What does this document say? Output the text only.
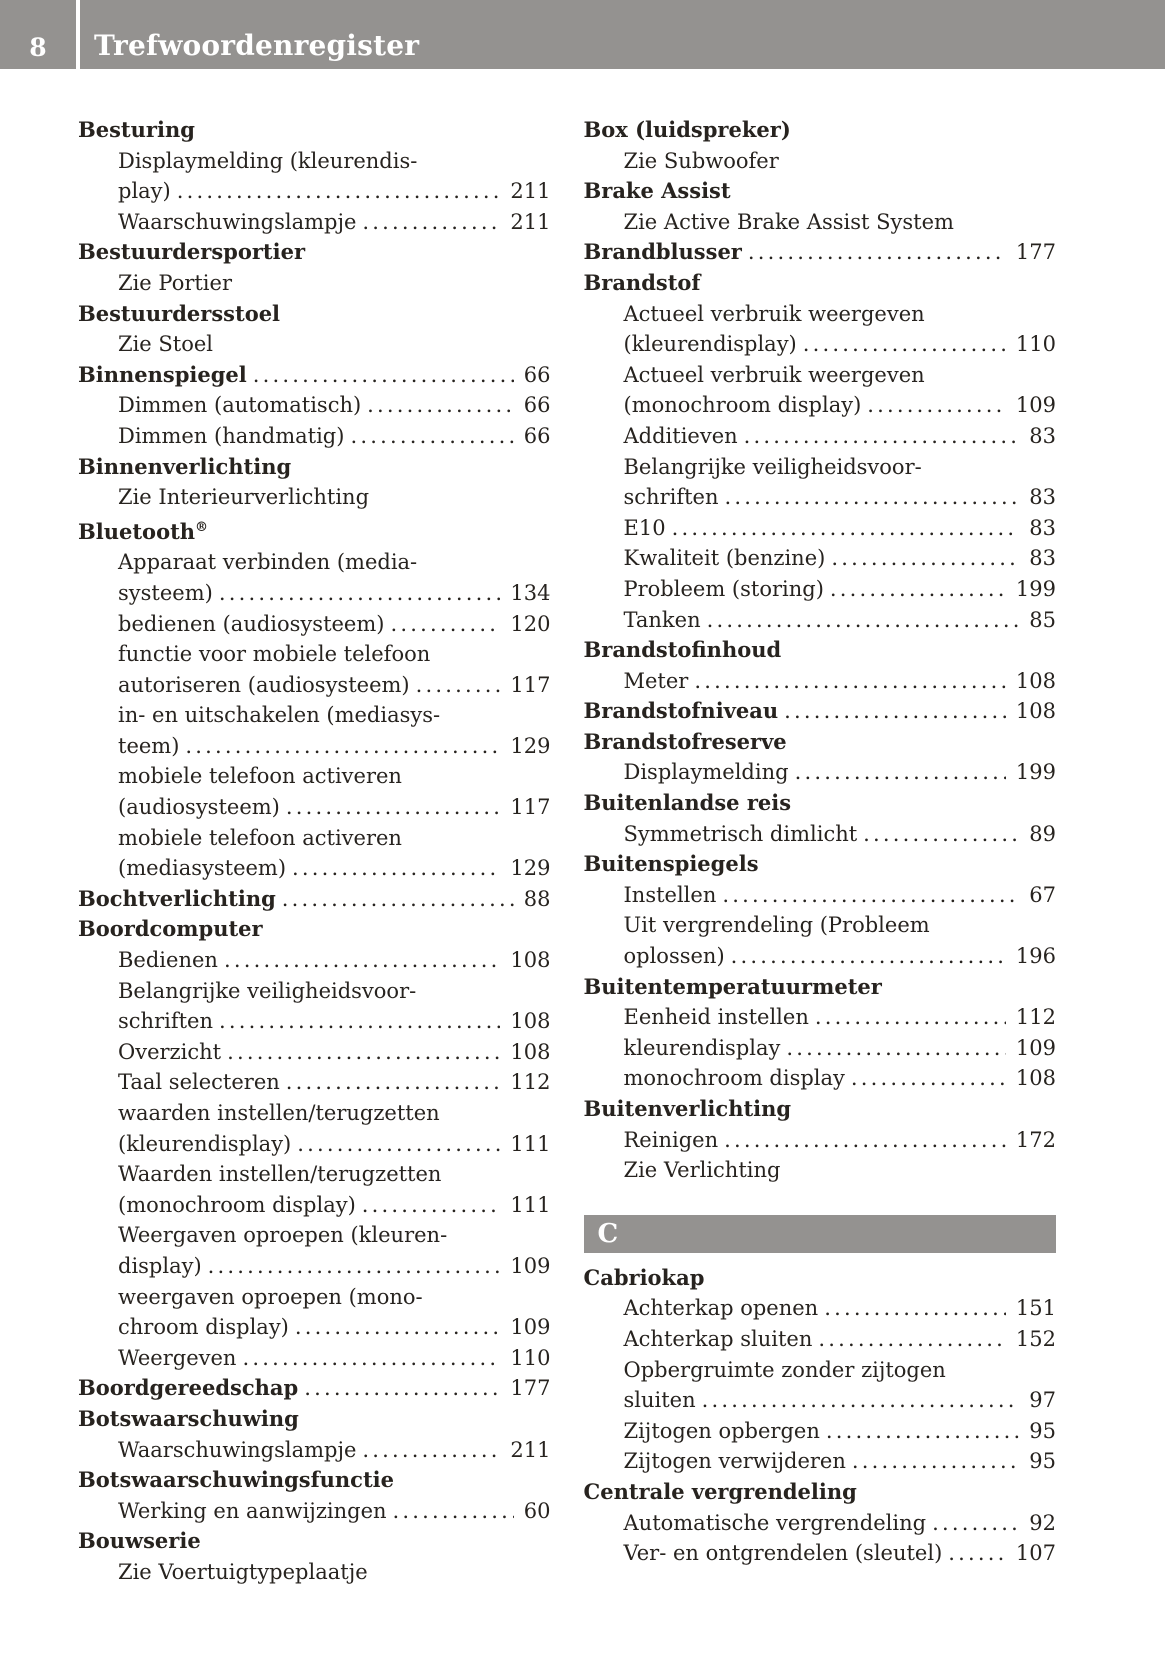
8	Trefwoordenregister
Besturing
Displaymelding (kleurendis-
play) .....	211
Waarschuwingslampje .....	211
Bestuurdersportier
Zie Portier
Bestuurdersstoel
Zie Stoel
Binnenspiegel .....	66
Dimmen (automatisch) .....	66
Dimmen (handmatig) .....	66
Binnenverlichting
Zie Interieurverlichting
Bluetooth®
Apparaat verbinden (media-
systeem) .....	134
bedienen (audiosysteem) .....	120
functie voor mobiele telefoon
autoriseren (audiosysteem) .....	117
in- en uitschakelen (mediasys-
teem) .....	129
mobiele telefoon activeren
(audiosysteem) .....	117
mobiele telefoon activeren
(mediasysteem) .....	129
Bochtverlichting .....	88
Boordcomputer
Bedienen .....	108
Belangrijke veiligheidsvoor-
schriften .....	108
Overzicht .....	108
Taal selecteren .....	112
waarden instellen/terugzetten
(kleurendisplay) .....	111
Waarden instellen/terugzetten
(monochroom display) .....	111
Weergaven oproepen (kleuren-
display) .....	109
weergaven oproepen (mono-
chroom display) .....	109
Weergeven .....	110
Boordgereedschap .....	177
Botswaarschuwing
Waarschuwingslampje .....	211
Botswaarschuwingsfunctie
Werking en aanwijzingen .....	60
Bouwserie
Zie Voertuigtypeplaatje
Box (luidspreker)
Zie Subwoofer
Brake Assist
Zie Active Brake Assist System
Brandblusser .....	177
Brandstof
Actueel verbruik weergeven
(kleurendisplay) .....	110
Actueel verbruik weergeven
(monochroom display) .....	109
Additieven .....	83
Belangrijke veiligheidsvoor-
schriften .....	83
E10 .....	83
Kwaliteit (benzine) .....	83
Probleem (storing) .....	199
Tanken .....	85
Brandstofinhoud
Meter .....	108
Brandstofniveau .....	108
Brandstofreserve
Displaymelding .....	199
Buitenlandse reis
Symmetrisch dimlicht .....	89
Buitenspiegels
Instellen .....	67
Uit vergrendeling (Probleem
oplossen) .....	196
Buitentemperatuurmeter
Eenheid instellen .....	112
kleurendisplay .....	109
monochroom display .....	108
Buitenverlichting
Reinigen .....	172
Zie Verlichting
C
Cabriokap
Achterkap openen .....	151
Achterkap sluiten .....	152
Opbergruimte zonder zijtogen
sluiten .....	97
Zijtogen opbergen .....	95
Zijtogen verwijderen .....	95
Centrale vergrendeling
Automatische vergrendeling .....	92
Ver- en ontgrendelen (sleutel) .....	107
